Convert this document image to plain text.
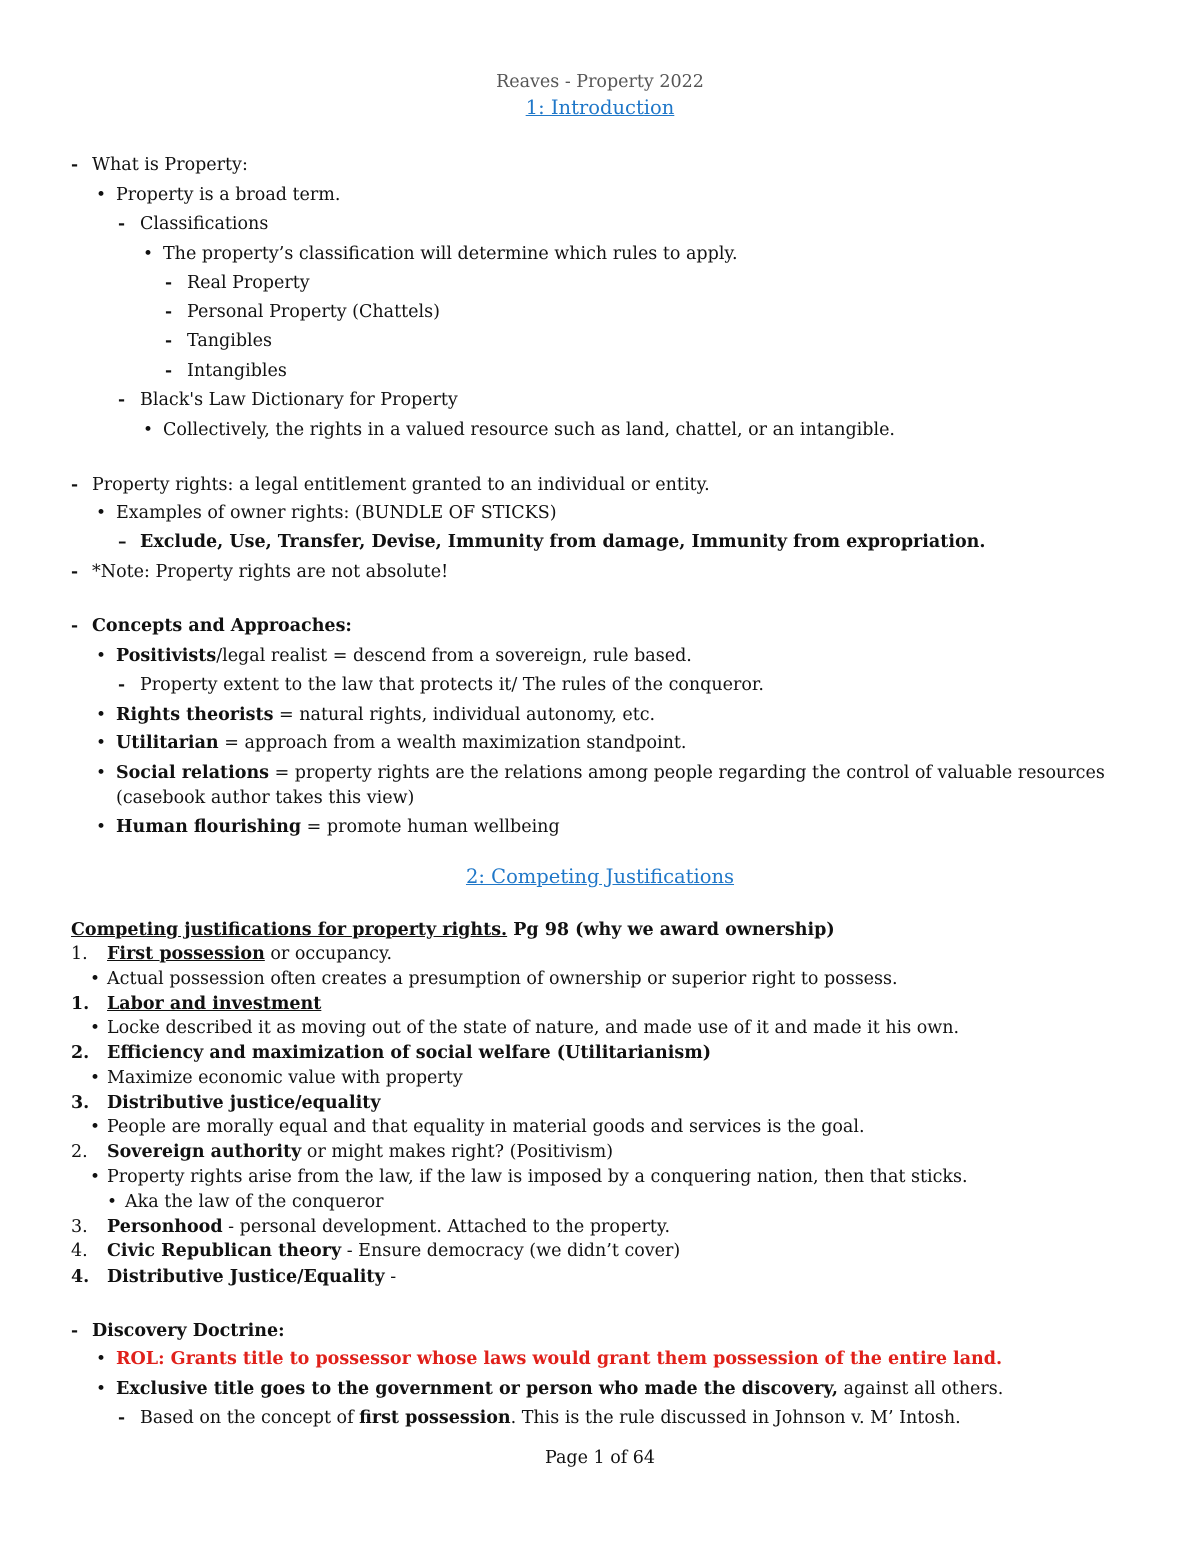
Reaves - Property 2022
1: Introduction
- What is Property:
• Property is a broad term.
- Classifications
• The property’s classification will determine which rules to apply.
- Real Property
- Personal Property (Chattels)
- Tangibles
- Intangibles
- Black's Law Dictionary for Property
• Collectively, the rights in a valued resource such as land, chattel, or an intangible.
- Property rights: a legal entitlement granted to an individual or entity.
• Examples of owner rights: (BUNDLE OF STICKS)
– Exclude, Use, Transfer, Devise, Immunity from damage, Immunity from expropriation.
- *Note: Property rights are not absolute!
- Concepts and Approaches:
• Positivists/legal realist = descend from a sovereign, rule based.
- Property extent to the law that protects it/ The rules of the conqueror.
• Rights theorists = natural rights, individual autonomy, etc.
• Utilitarian = approach from a wealth maximization standpoint.
• Social relations = property rights are the relations among people regarding the control of valuable resources
(casebook author takes this view)
• Human flourishing = promote human wellbeing
2: Competing Justifications
Competing justifications for property rights. Pg 98 (why we award ownership)
1. First possession or occupancy.
• Actual possession often creates a presumption of ownership or superior right to possess.
1. Labor and investment
• Locke described it as moving out of the state of nature, and made use of it and made it his own.
2. Efficiency and maximization of social welfare (Utilitarianism)
• Maximize economic value with property
3. Distributive justice/equality
• People are morally equal and that equality in material goods and services is the goal.
2. Sovereign authority or might makes right? (Positivism)
• Property rights arise from the law, if the law is imposed by a conquering nation, then that sticks.
• Aka the law of the conqueror
3. Personhood - personal development. Attached to the property.
4. Civic Republican theory - Ensure democracy (we didn’t cover)
4. Distributive Justice/Equality -
- Discovery Doctrine:
• ROL: Grants title to possessor whose laws would grant them possession of the entire land.
• Exclusive title goes to the government or person who made the discovery, against all others.
- Based on the concept of first possession. This is the rule discussed in Johnson v. M’ Intosh.
Page 1 of 64
